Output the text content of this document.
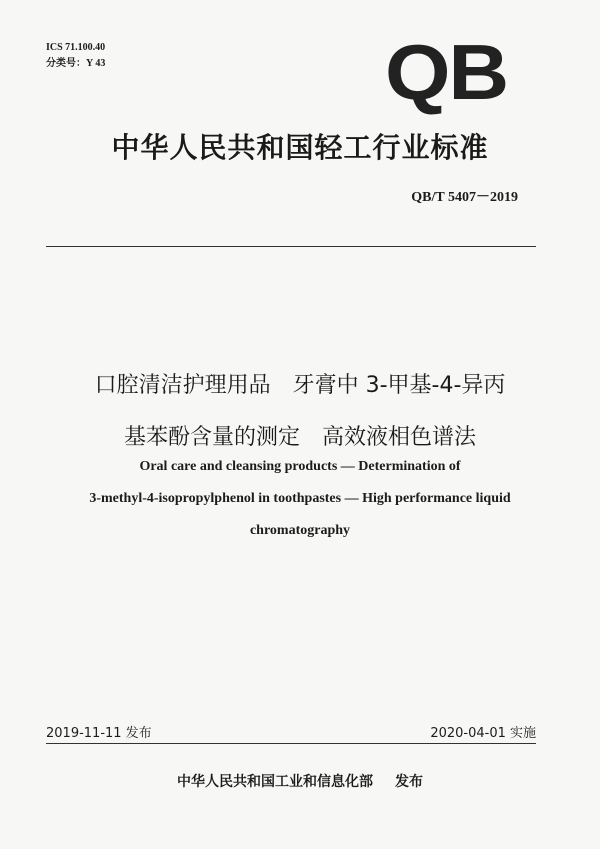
ICS 71.100.40
分类号：Y 43	QB
中华人民共和国轻工行业标准
QB/T 5407－2019
口腔清洁护理用品　牙膏中 3-甲基-4-异丙
基苯酚含量的测定　高效液相色谱法
Oral care and cleansing products — Determination of
3-methyl-4-isopropylphenol in toothpastes — High performance liquid
chromatography
2019-11-11 发布	2020-04-01 实施
中华人民共和国工业和信息化部 发布
